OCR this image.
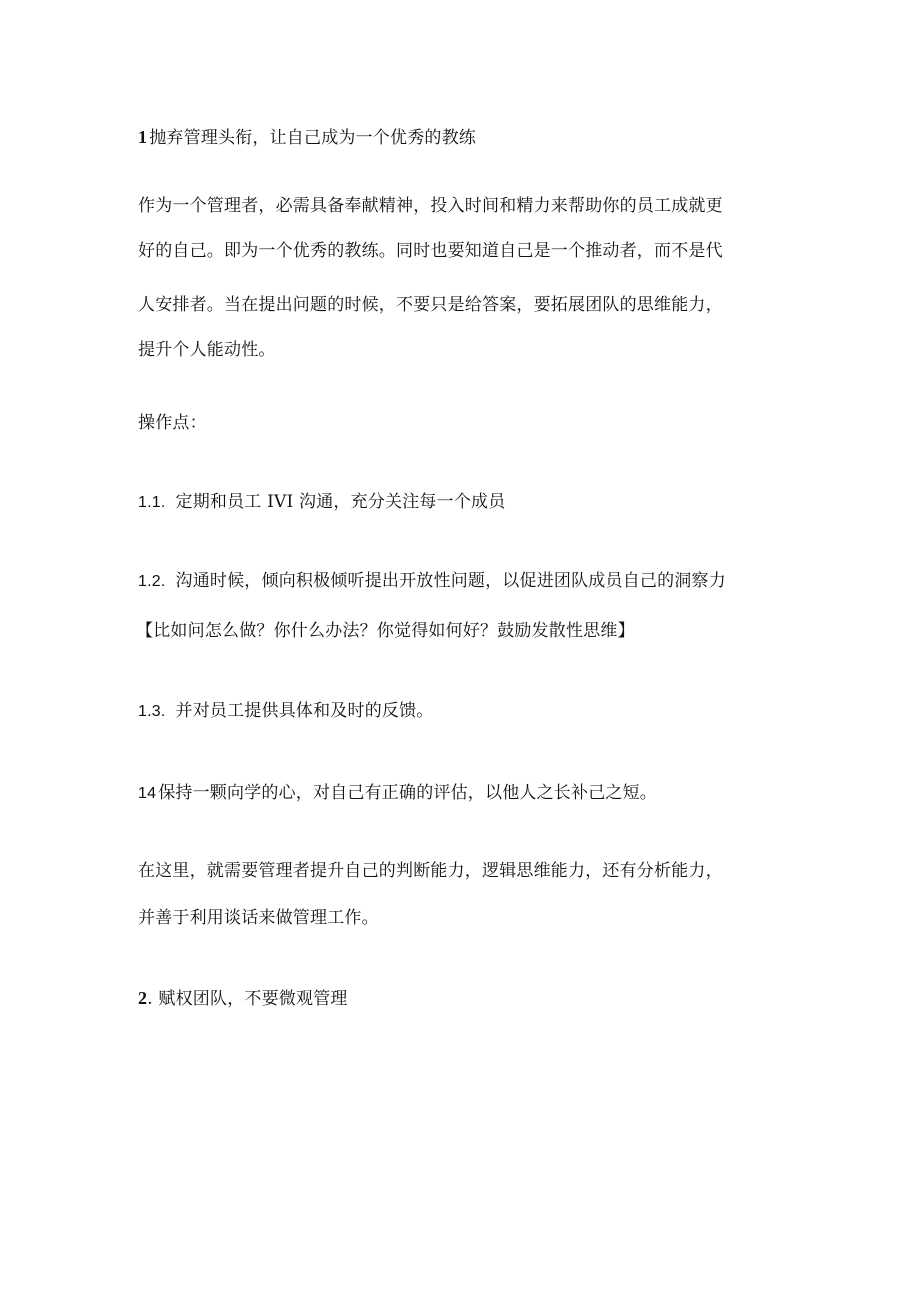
1 抛弃管理头衔，让自己成为一个优秀的教练
作为一个管理者，必需具备奉献精神，投入时间和精力来帮助你的员工成就更
好的自己。即为一个优秀的教练。同时也要知道自己是一个推动者，而不是代
人安排者。当在提出问题的时候，不要只是给答案，要拓展团队的思维能力，
提升个人能动性。
操作点：
1.1. 定期和员工 IVI 沟通，充分关注每一个成员
1.2. 沟通时候，倾向积极倾听提出开放性问题，以促进团队成员自己的洞察力
【比如问怎么做？你什么办法？你觉得如何好？鼓励发散性思维】
1.3. 并对员工提供具体和及时的反馈。
14 保持一颗向学的心，对自己有正确的评估，以他人之长补己之短。
在这里，就需要管理者提升自己的判断能力，逻辑思维能力，还有分析能力，
并善于利用谈话来做管理工作。
2. 赋权团队，不要微观管理
